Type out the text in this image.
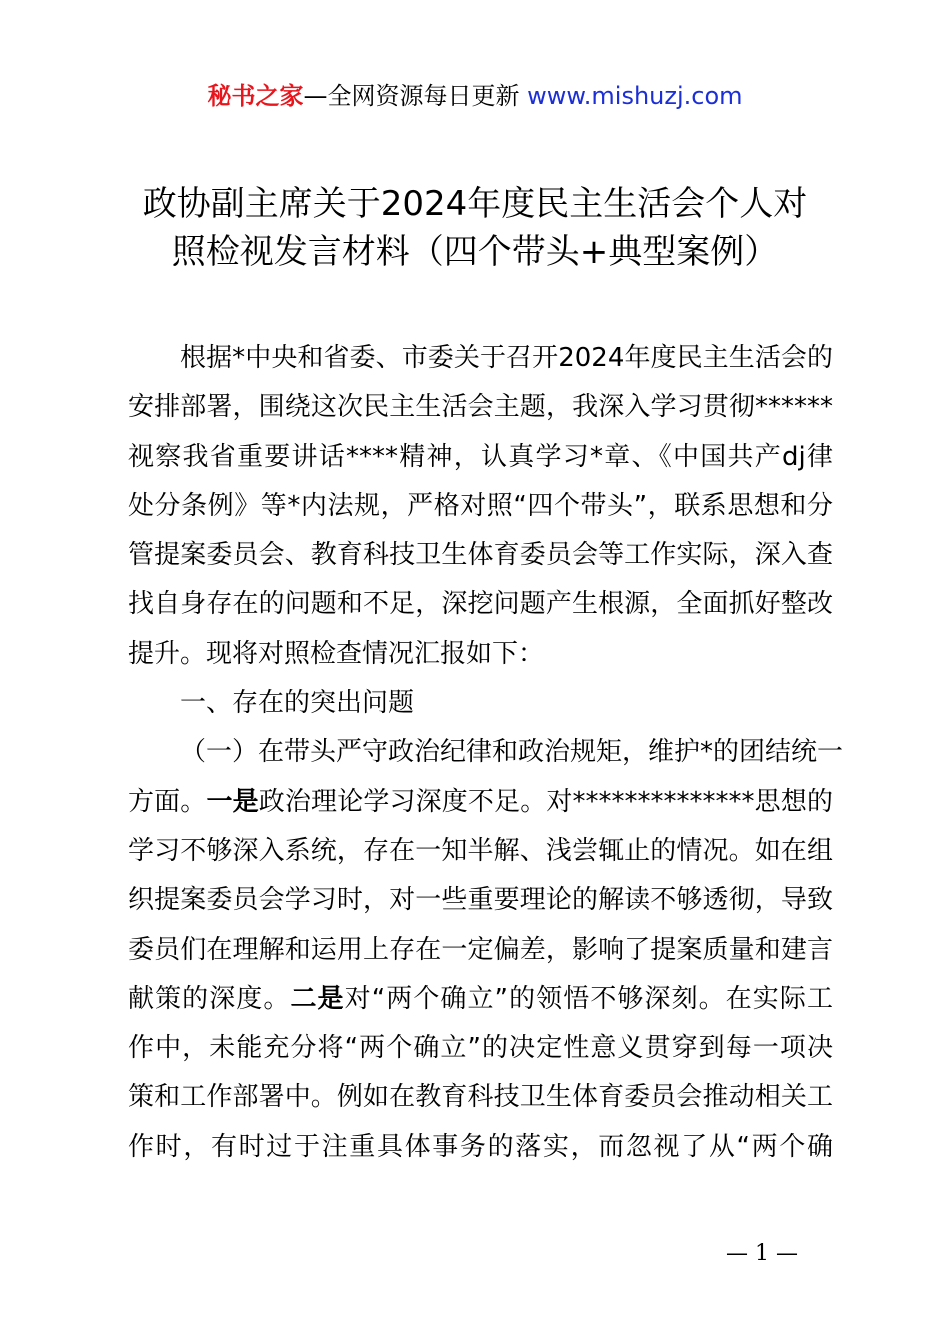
秘书之家—全网资源每日更新 www.mishuzj.com
政协副主席关于2024年度民主生活会个人对
照检视发言材料（四个带头+典型案例）
根据*中央和省委、市委关于召开2024年度民主生活会的
安排部署，围绕这次民主生活会主题，我深入学习贯彻******
视察我省重要讲话****精神，认真学习*章、《中国共产dj律
处分条例》等*内法规，严格对照“四个带头”，联系思想和分
管提案委员会、教育科技卫生体育委员会等工作实际，深入查
找自身存在的问题和不足，深挖问题产生根源，全面抓好整改
提升。现将对照检查情况汇报如下：
一、存在的突出问题
（一）在带头严守政治纪律和政治规矩，维护*的团结统一
方面。一是政治理论学习深度不足。对**************思想的
学习不够深入系统，存在一知半解、浅尝辄止的情况。如在组
织提案委员会学习时，对一些重要理论的解读不够透彻，导致
委员们在理解和运用上存在一定偏差，影响了提案质量和建言
献策的深度。二是对“两个确立”的领悟不够深刻。在实际工
作中，未能充分将“两个确立”的决定性意义贯穿到每一项决
策和工作部署中。例如在教育科技卫生体育委员会推动相关工
作时，有时过于注重具体事务的落实，而忽视了从“两个确
— 1 —
